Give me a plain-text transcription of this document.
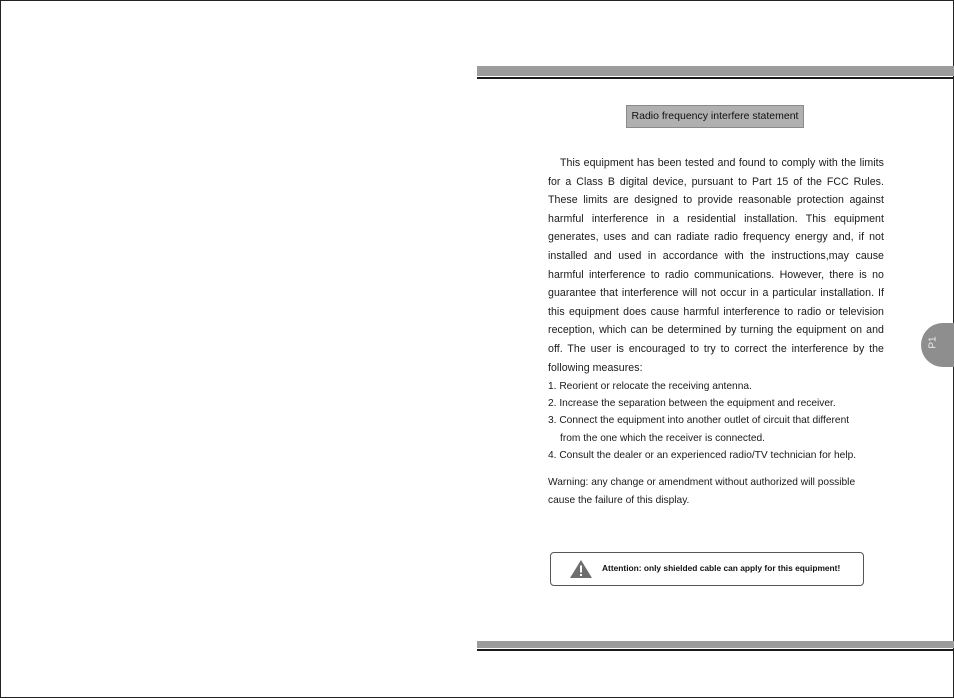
Radio frequency interfere statement

This equipment has been tested and found to comply with the limits for a Class B digital device, pursuant to Part 15 of the FCC Rules. These limits are designed to provide reasonable protection against harmful interference in a residential installation. This equipment generates, uses and can radiate radio frequency energy and, if not installed and used in accordance with the instructions,may cause harmful interference to radio communications. However, there is no guarantee that interference will not occur in a particular installation. If this equipment does cause harmful interference to radio or television reception, which can be determined by turning the equipment on and off. The user is encouraged to try to correct the interference by the following measures:

1. Reorient or relocate the receiving antenna.
2. Increase the separation between the equipment and receiver.
3. Connect the equipment into another outlet of circuit that different
from the one which the receiver is connected.
4. Consult the dealer or an experienced radio/TV technician for help.

Warning: any change or amendment without authorized will possible cause the failure of this display.

Attention: only shielded cable can apply for this equipment!
P1
